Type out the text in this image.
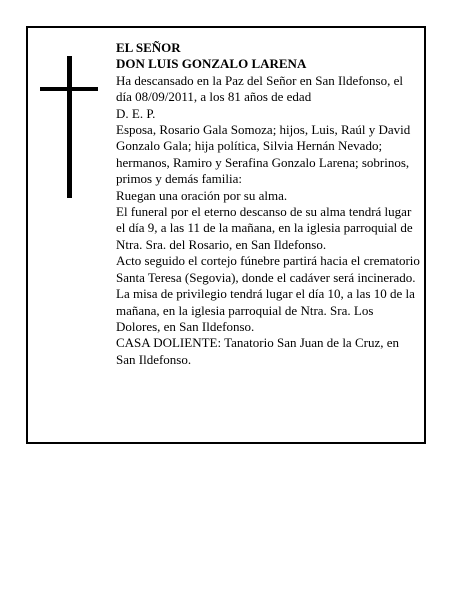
EL SEÑOR

DON LUIS GONZALO LARENA

Ha descansado en la Paz del Señor en San Ildefonso, el día 08/09/2011, a los 81 años de edad

D. E. P.

Esposa, Rosario Gala Somoza; hijos, Luis, Raúl y David Gonzalo Gala; hija política, Silvia Hernán Nevado; hermanos, Ramiro y Serafina Gonzalo Larena; sobrinos, primos y demás familia:

Ruegan una oración por su alma.

El funeral por el eterno descanso de su alma tendrá lugar el día 9, a las 11 de la mañana, en la iglesia parroquial de Ntra. Sra. del Rosario, en San Ildefonso.

Acto seguido el cortejo fúnebre partirá hacia el crematorio Santa Teresa (Segovia), donde el cadáver será incinerado.

La misa de privilegio tendrá lugar el día 10, a las 10 de la mañana, en la iglesia parroquial de Ntra. Sra. Los Dolores, en San Ildefonso.

CASA DOLIENTE: Tanatorio San Juan de la Cruz, en San Ildefonso.
